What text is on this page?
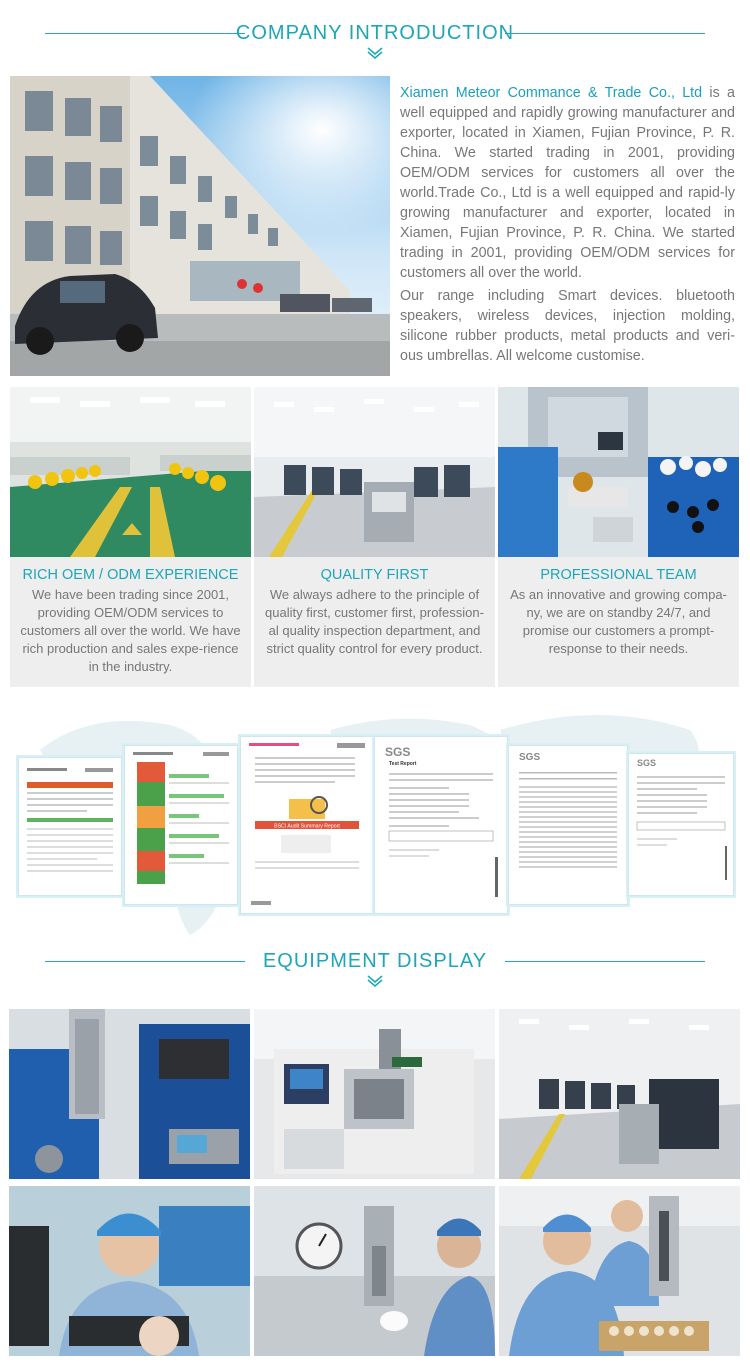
COMPANY INTRODUCTION

Xiamen Meteor Commance & Trade Co., Ltd is a well equipped and rapidly growing manufacturer and exporter, located in Xiamen, Fujian Province, P. R. China. We started trading in 2001, providing OEM/ODM services for customers all over the world.Trade Co., Ltd is a well equipped and rapid-ly growing manufacturer and exporter, located in Xiamen, Fujian Province, P. R. China. We started trading in 2001, providing OEM/ODM services for customers all over the world.

Our range including Smart devices. bluetooth speakers, wireless devices, injection molding, silicone rubber products, metal products and veri-ous umbrellas. All welcome customise.

RICH OEM / ODM EXPERIENCE
We have been trading since 2001, providing OEM/ODM services to customers all over the world. We have rich production and sales expe-rience in the industry.
QUALITY FIRST
We always adhere to the principle of quality first, customer first, profession-al quality inspection department, and strict quality control for every product.
PROFESSIONAL TEAM
As an innovative and growing compa-ny, we are on standby 24/7, and promise our customers a prompt-response to their needs.
BSCI Audit Summary Report
SGS
Test Report
SGS	SGS
EQUIPMENT DISPLAY
